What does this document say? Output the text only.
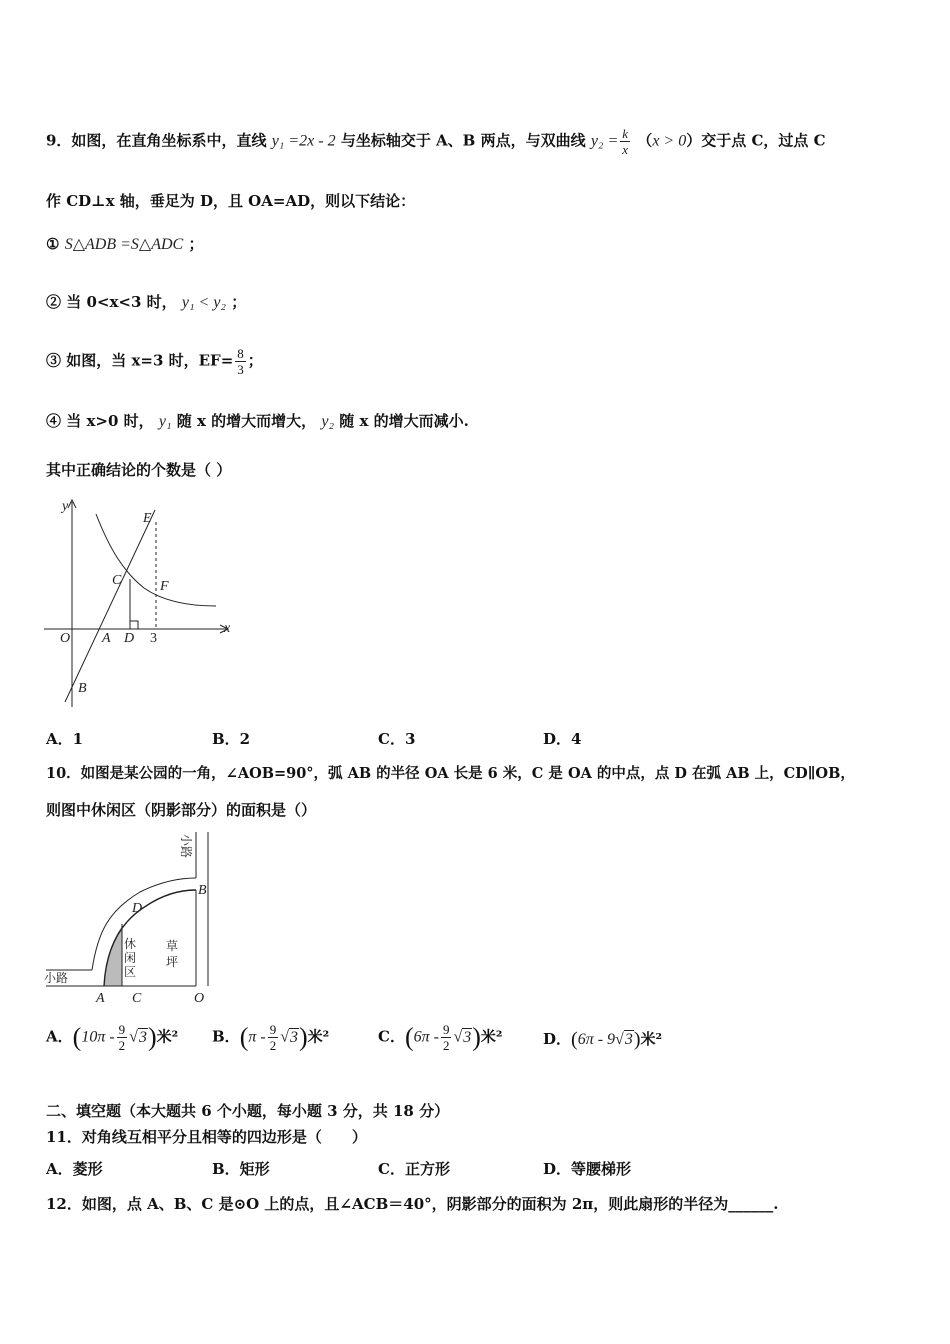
9．如图，在直角坐标系中，直线 y₁ =2x - 2 与坐标轴交于 A、B 两点，与双曲线 $y_2 = \frac{k}{x} (x > 0)$交于点 C，过点 C
作 CD⊥x 轴，垂足为 D，且 OA=AD，则以下结论：
① S△ADB =S△ADC ；
② 当 0<x<3 时， y₁ < y₂ ；
③ 如图，当 x=3 时，$EF= \frac{8}{3}$ ；
④ 当 x>0 时， y₁ 随 x 的增大而增大， y₂ 随 x 的增大而减小.
其中正确结论的个数是（ ）
y
E
C	F
O A D 3
x
B
A．1	B．2	C．3	D．4
10．如图是某公园的一角，∠AOB=90°，弧 AB 的半径 OA 长是 6 米，C 是 OA 的中点，点 D 在弧 AB 上，CD∥OB，
则图中休闲区（阴影部分）的面积是（）
小路
小路
休
闲
区
草
坪
A C	O
B
D
A．$(10\pi - \frac{9}{2} √3)$米² B．$(\pi - \frac{9}{2} √3)$米²	C．$(6\pi - \frac{9}{2} √3)$米²	D．(6π - 9√3)米²
二、填空题（本大题共 6 个小题，每小题 3 分，共 18 分）
11．对角线互相平分且相等的四边形是（　　）
A．菱形	B．矩形	C．正方形	D．等腰梯形
12．如图，点 A、B、C 是⊙O 上的点，且∠ACB＝40°，阴影部分的面积为 2π，则此扇形的半径为______.
